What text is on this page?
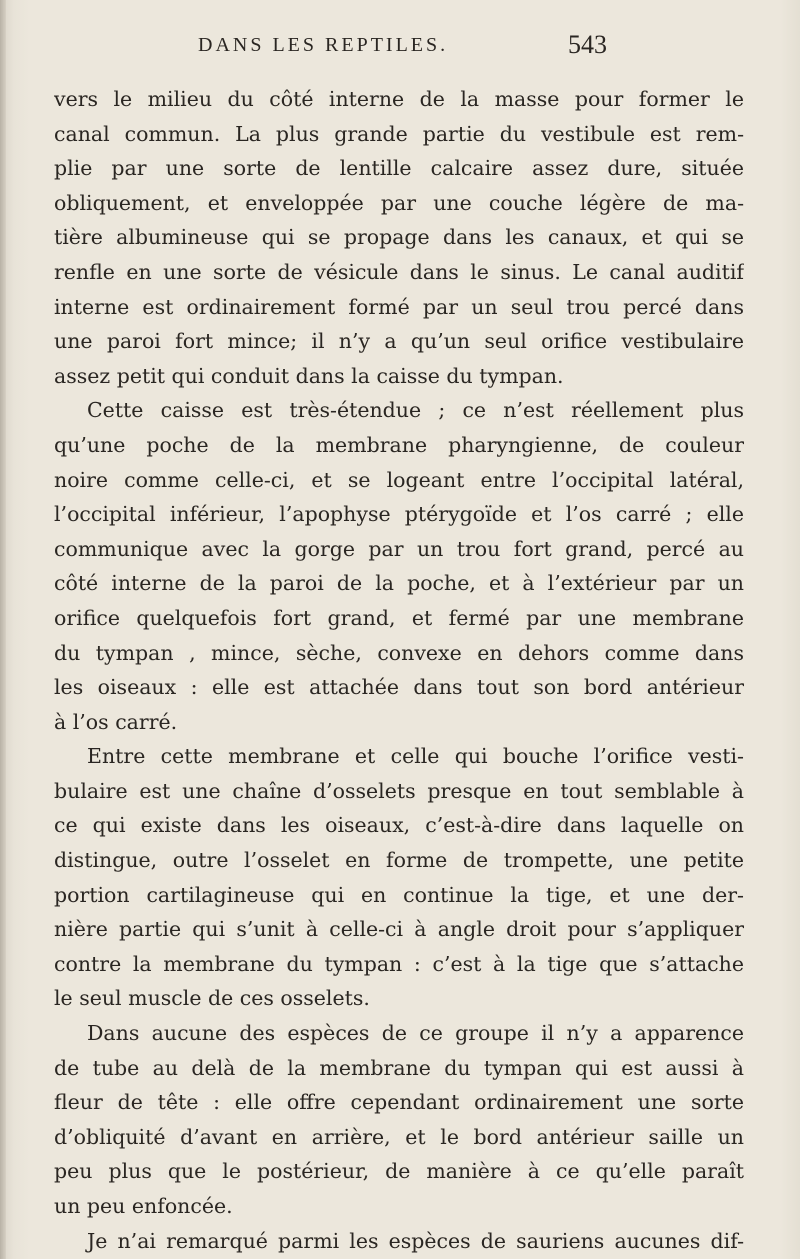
DANS LES REPTILES.	543
vers le milieu du côté interne de la masse pour former le
canal commun. La plus grande partie du vestibule est rem-
plie par une sorte de lentille calcaire assez dure, située
obliquement, et enveloppée par une couche légère de ma-
tière albumineuse qui se propage dans les canaux, et qui se
renfle en une sorte de vésicule dans le sinus. Le canal auditif
interne est ordinairement formé par un seul trou percé dans
une paroi fort mince; il n’y a qu’un seul orifice vestibulaire
assez petit qui conduit dans la caisse du tympan.
Cette caisse est très-étendue ; ce n’est réellement plus
qu’une poche de la membrane pharyngienne, de couleur
noire comme celle-ci, et se logeant entre l’occipital latéral,
l’occipital inférieur, l’apophyse ptérygoïde et l’os carré ; elle
communique avec la gorge par un trou fort grand, percé au
côté interne de la paroi de la poche, et à l’extérieur par un
orifice quelquefois fort grand, et fermé par une membrane
du tympan , mince, sèche, convexe en dehors comme dans
les oiseaux : elle est attachée dans tout son bord antérieur
à l’os carré.
Entre cette membrane et celle qui bouche l’orifice vesti-
bulaire est une chaîne d’osselets presque en tout semblable à
ce qui existe dans les oiseaux, c’est-à-dire dans laquelle on
distingue, outre l’osselet en forme de trompette, une petite
portion cartilagineuse qui en continue la tige, et une der-
nière partie qui s’unit à celle-ci à angle droit pour s’appliquer
contre la membrane du tympan : c’est à la tige que s’attache
le seul muscle de ces osselets.
Dans aucune des espèces de ce groupe il n’y a apparence
de tube au delà de la membrane du tympan qui est aussi à
fleur de tête : elle offre cependant ordinairement une sorte
d’obliquité d’avant en arrière, et le bord antérieur saille un
peu plus que le postérieur, de manière à ce qu’elle paraît
un peu enfoncée.
Je n’ai remarqué parmi les espèces de sauriens aucunes dif-
